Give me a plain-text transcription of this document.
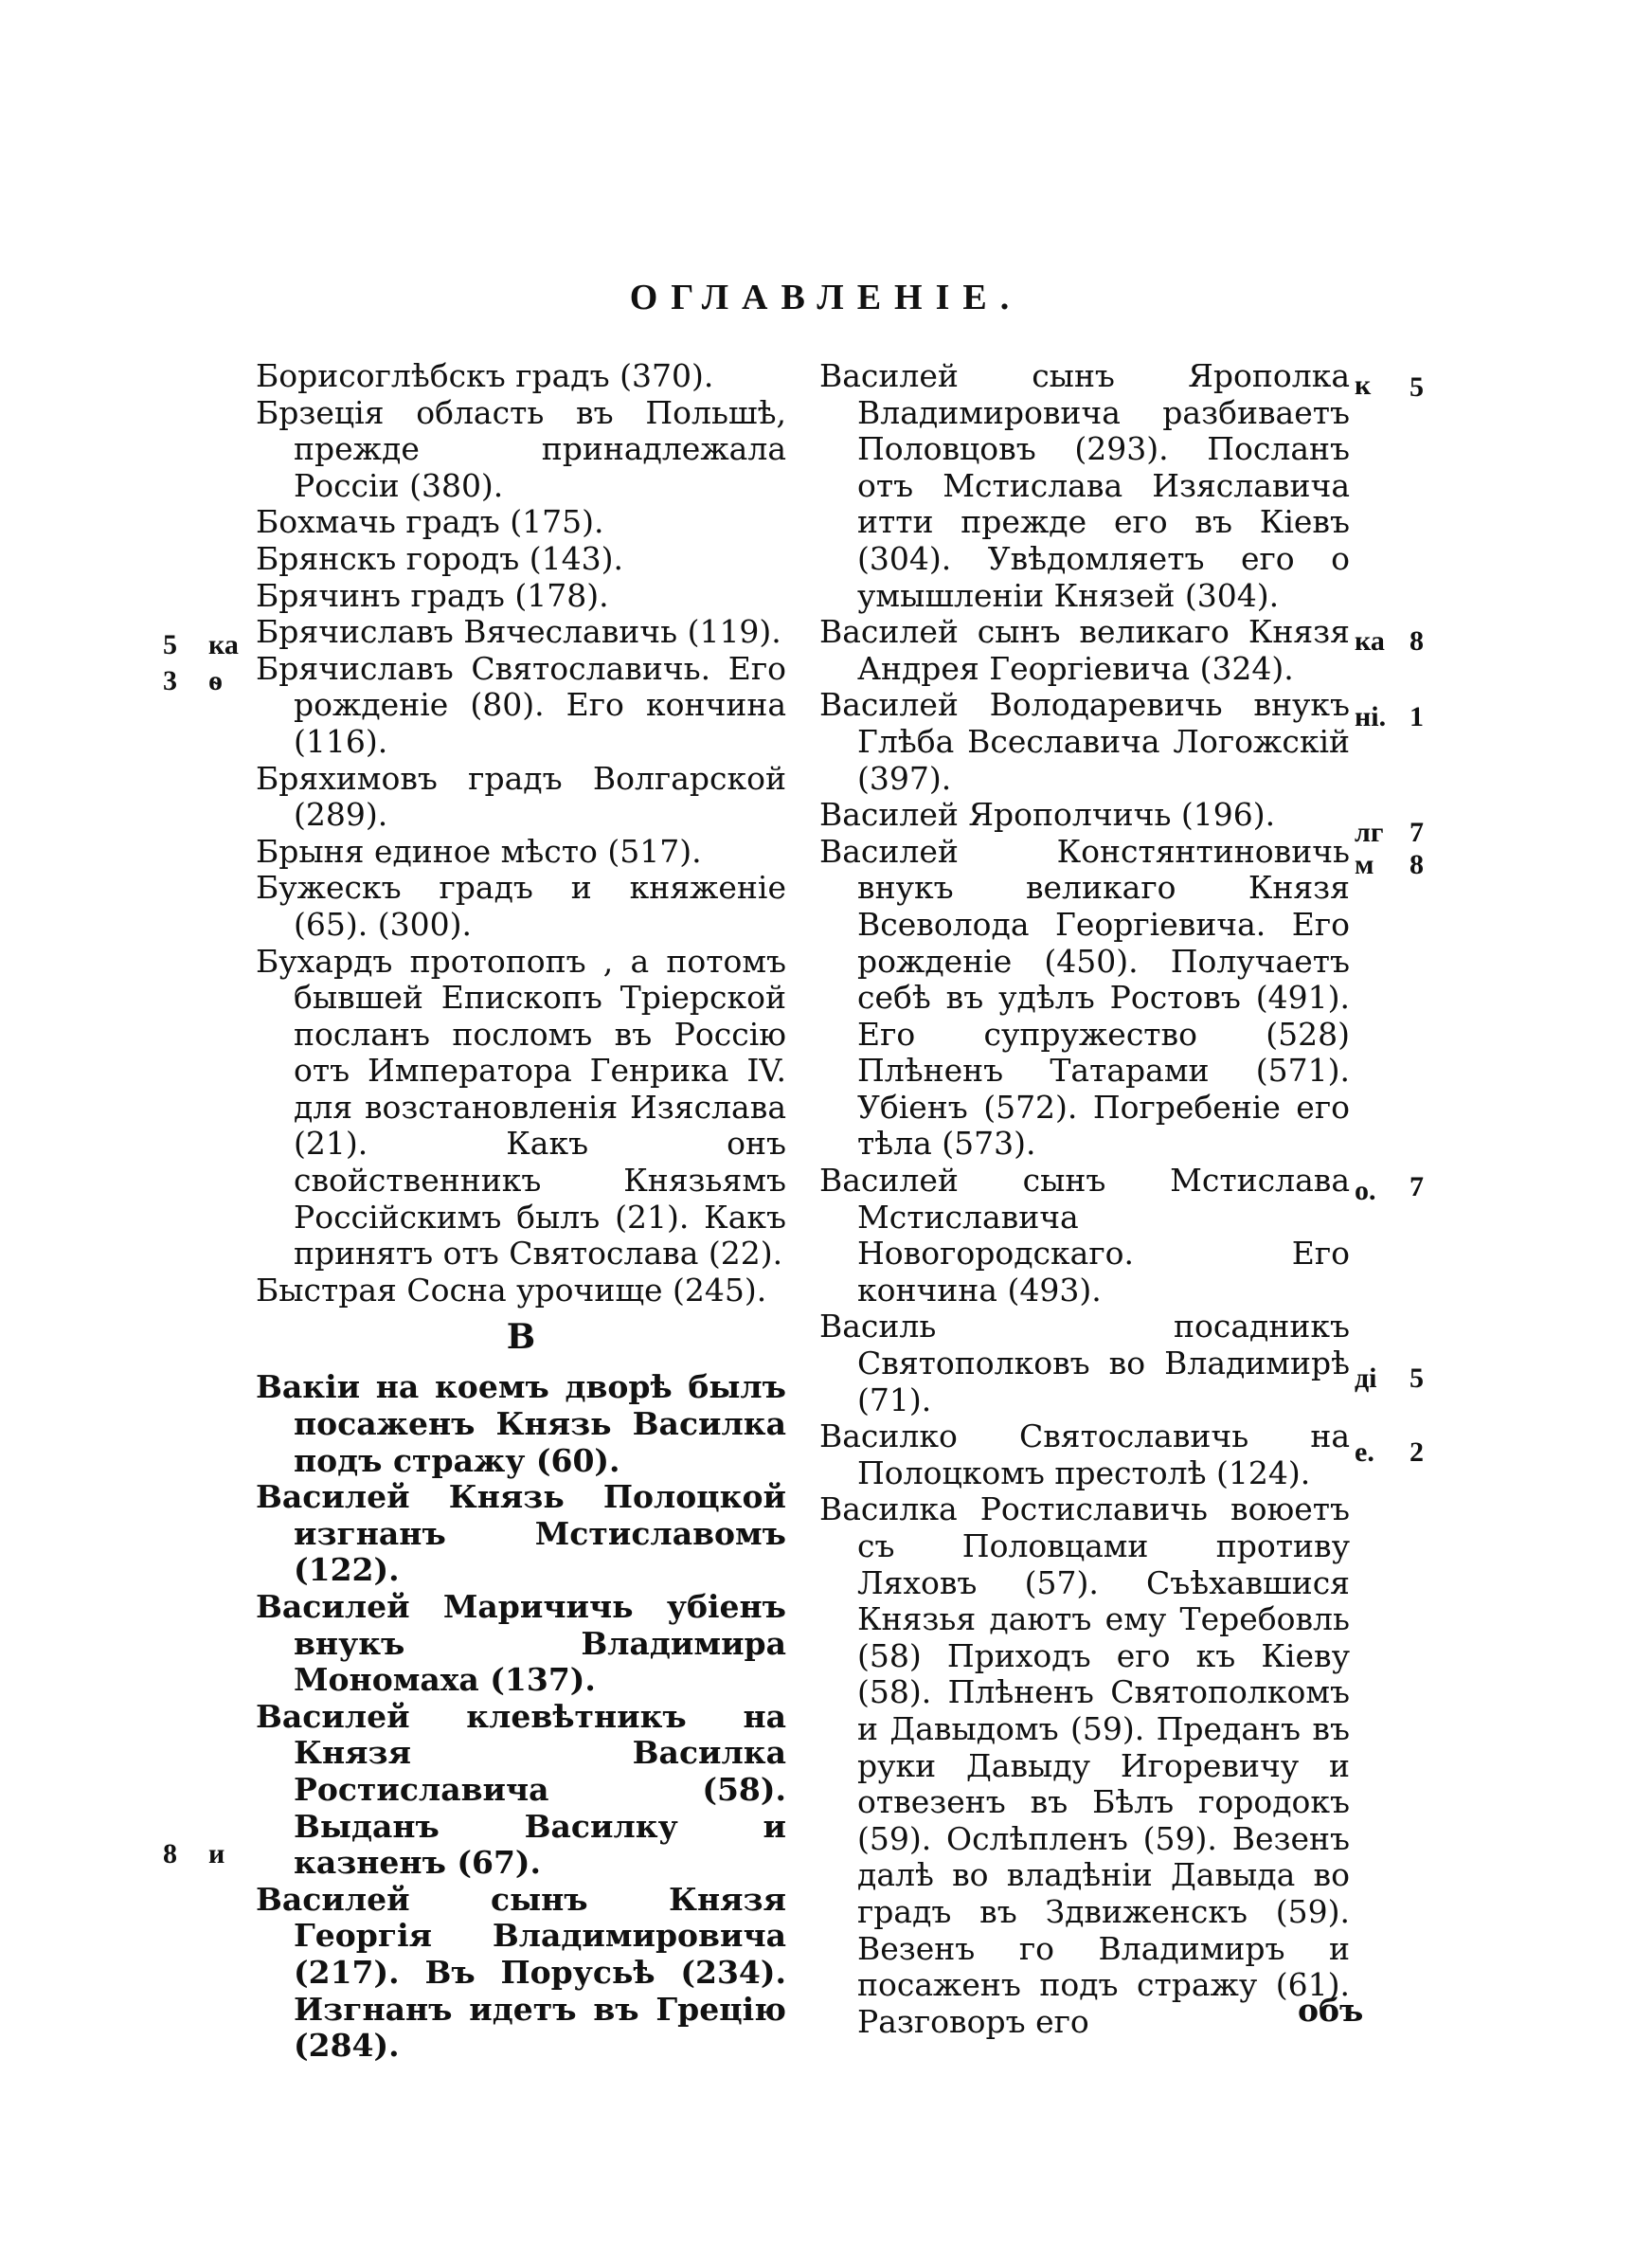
ОГЛАВЛЕНІЕ.
Борисоглѣбскъ градъ (370).
Брзеція область въ Польшѣ, прежде принадлежала Россіи (380).
Бохмачь градъ (175).
Брянскъ городъ (143).
Брячинъ градъ (178).
Брячиславъ Вячеславичь (119).
Брячиславъ Святославичь. Его рожденіе (80). Его кончина (116).
Бряхимовъ градъ Волгарской (289).
Брыня единое мѣсто (517).
Бужескъ градъ и княженіе (65). (300).
Бухардъ протопопъ , а потомъ бывшей Епископъ Тріерской посланъ посломъ въ Россію отъ Императора Генрика IV. для возстановленія Изяслава (21). Какъ онъ свойственникъ Князьямъ Россійскимъ былъ (21). Какъ принятъ отъ Святослава (22).
Быстрая Сосна урочище (245).
В
Вакіи на коемъ дворѣ былъ посаженъ Князь Василка подъ стражу (60).
Василей Князь Полоцкой изгнанъ Мстиславомъ (122).
Василей Маричичь убіенъ внукъ Владимира Мономаха (137).
Василей клевѣтникъ на Князя Василка Ростиславича (58). Выданъ Василку и казненъ (67).
Василей сынъ Князя Георгія Владимировича (217). Въ Порусьѣ (234). Изгнанъ идетъ въ Грецію (284).
Василей сынъ Ярополка Владимировича разбиваетъ Половцовъ (293). Посланъ отъ Мстислава Изяславича итти прежде его въ Кіевъ (304). Увѣдомляетъ его о умышленіи Князей (304).
Василей сынъ великаго Князя Андрея Георгіевича (324).
Василей Володаревичь внукъ Глѣба Всеславича Логожскій (397).
Василей Ярополчичь (196).
Василей Констянтиновичь внукъ великаго Князя Всеволода Георгіевича. Его рожденіе (450). Получаетъ себѣ въ удѣлъ Ростовъ (491). Его супружество (528) Плѣненъ Татарами (571). Убіенъ (572). Погребеніе его тѣла (573).
Василей сынъ Мстислава Мстиславича Новогородскаго. Его кончина (493).
Василь посадникъ Святополковъ во Владимирѣ (71).
Василко Святославичь на Полоцкомъ престолѣ (124).
Василка Ростиславичь воюетъ съ Половцами противу Ляховъ (57). Съѣхавшися Князья даютъ ему Теребовль (58) Приходъ его къ Кіеву (58). Плѣненъ Святополкомъ и Давыдомъ (59). Преданъ въ руки Давыду Игоревичу и отвезенъ въ Бѣлъ городокъ (59). Ослѣпленъ (59). Везенъ далѣ во владѣніи Давыда во градъ въ Здвиженскъ (59). Везенъ го Владимиръ и посаженъ подъ стражу (61). Разговоръ его
5 ка
3 ѳ
8 и
к 5
ка 8
ні. 1
лг 7
м 8
о. 7
ді 5
е. 2
объ
